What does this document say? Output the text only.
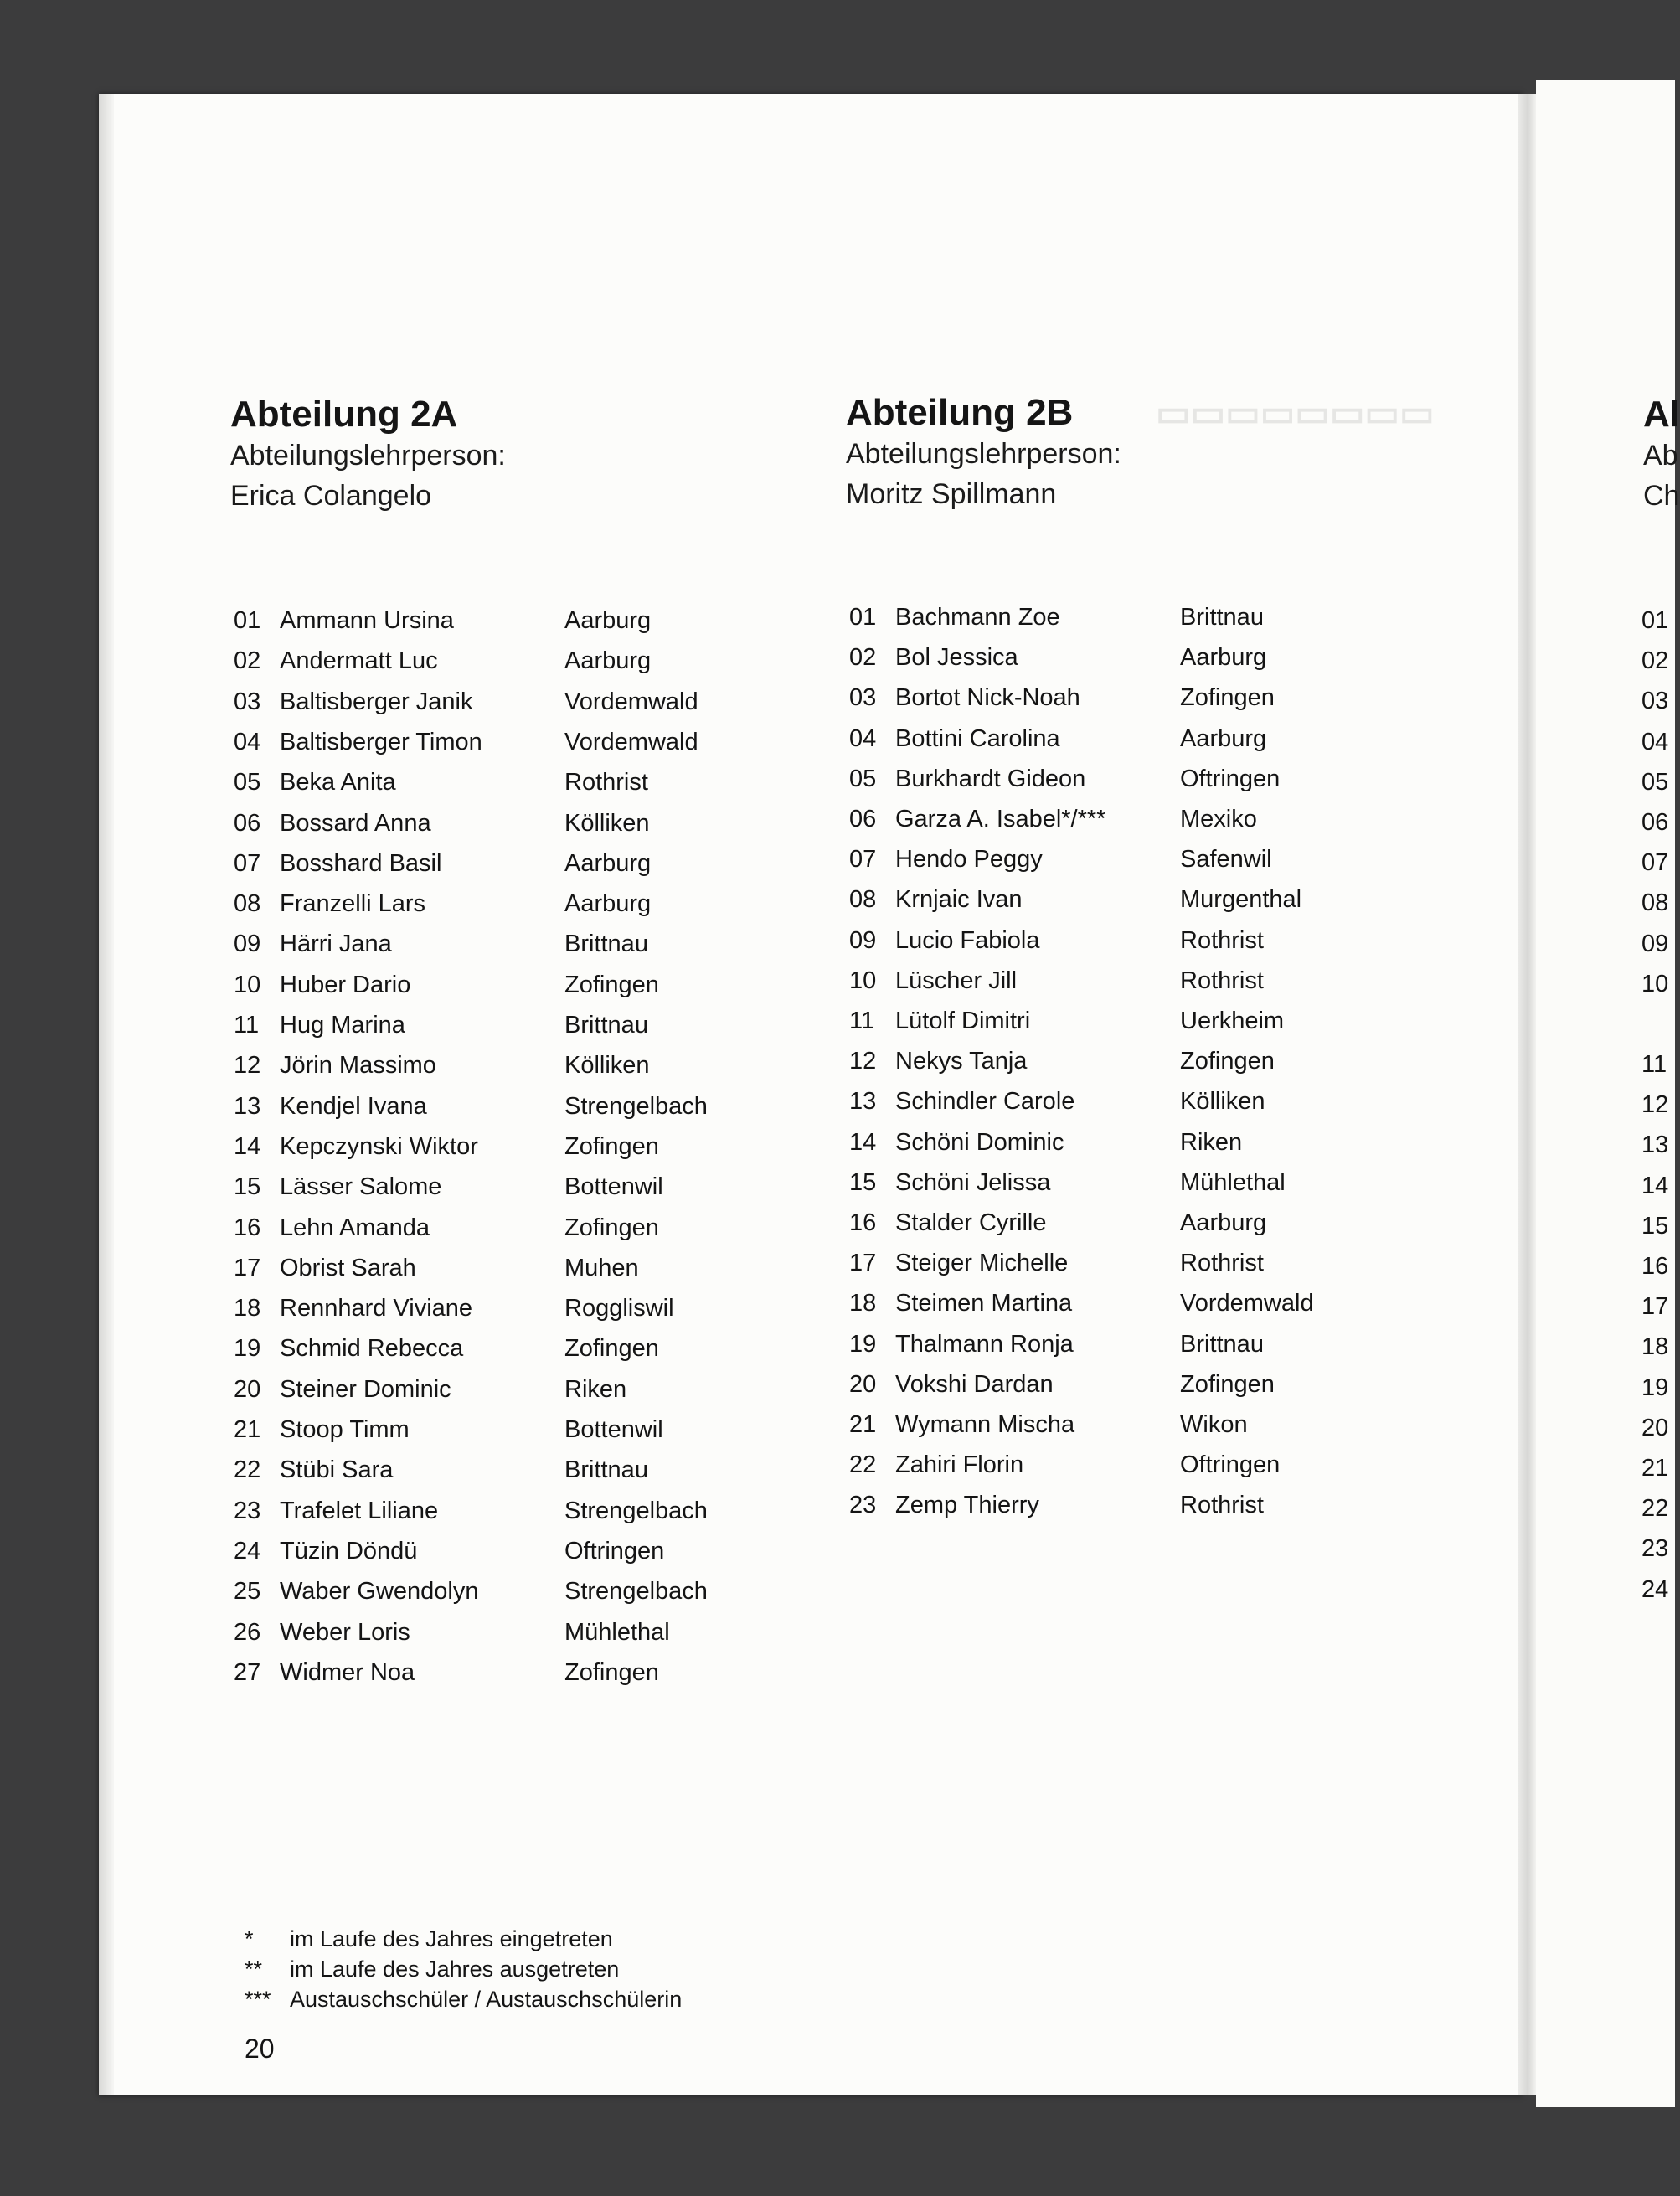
▭▭▭▭▭▭▭▭
Abteilung 2A
Abteilungslehrperson:
Erica Colangelo
Abteilung 2B
Abteilungslehrperson:
Moritz Spillmann
Al
Ab
Ch
01 Ammann Ursina	Aarburg
02 Andermatt Luc	Aarburg
03 Baltisberger Janik	Vordemwald
04 Baltisberger Timon	Vordemwald
05 Beka Anita	Rothrist
06 Bossard Anna	Kölliken
07 Bosshard Basil	Aarburg
08 Franzelli Lars	Aarburg
09 Härri Jana	Brittnau
10 Huber Dario	Zofingen
11 Hug Marina	Brittnau
12 Jörin Massimo	Kölliken
13 Kendjel Ivana	Strengelbach
14 Kepczynski Wiktor	Zofingen
15 Lässer Salome	Bottenwil
16 Lehn Amanda	Zofingen
17 Obrist Sarah	Muhen
18 Rennhard Viviane	Roggliswil
19 Schmid Rebecca	Zofingen
20 Steiner Dominic	Riken
21 Stoop Timm	Bottenwil
22 Stübi Sara	Brittnau
23 Trafelet Liliane	Strengelbach
24 Tüzin Döndü	Oftringen
25 Waber Gwendolyn	Strengelbach
26 Weber Loris	Mühlethal
27 Widmer Noa	Zofingen
01 Bachmann Zoe	Brittnau
02 Bol Jessica	Aarburg
03 Bortot Nick-Noah	Zofingen
04 Bottini Carolina	Aarburg
05 Burkhardt Gideon	Oftringen
06 Garza A. Isabel*/***	Mexiko
07 Hendo Peggy	Safenwil
08 Krnjaic Ivan	Murgenthal
09 Lucio Fabiola	Rothrist
10 Lüscher Jill	Rothrist
11 Lütolf Dimitri	Uerkheim
12 Nekys Tanja	Zofingen
13 Schindler Carole	Kölliken
14 Schöni Dominic	Riken
15 Schöni Jelissa	Mühlethal
16 Stalder Cyrille	Aarburg
17 Steiger Michelle	Rothrist
18 Steimen Martina	Vordemwald
19 Thalmann Ronja	Brittnau
20 Vokshi Dardan	Zofingen
21 Wymann Mischa	Wikon
22 Zahiri Florin	Oftringen
23 Zemp Thierry	Rothrist
01
02
03
04
05
06
07
08
09
10
11
12
13
14
15
16
17
18
19
20
21
22
23
24
* im Laufe des Jahres eingetreten
** im Laufe des Jahres ausgetreten
*** Austauschschüler / Austauschschülerin
20
